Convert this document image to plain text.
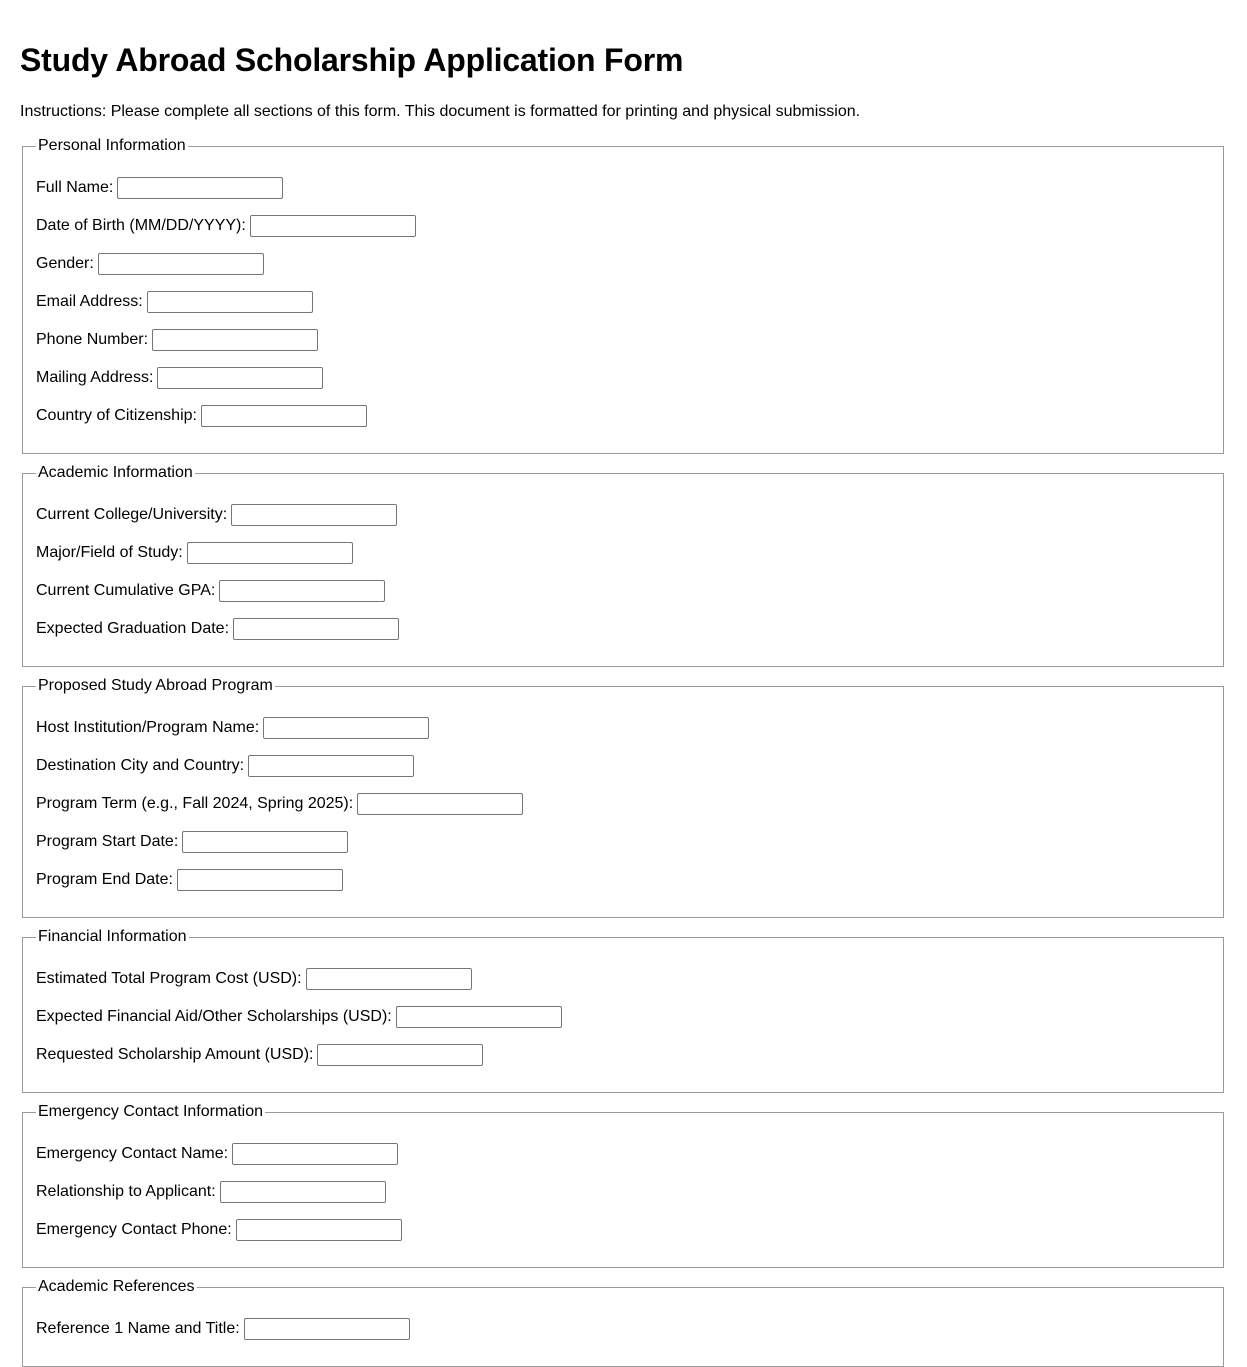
Study Abroad Scholarship Application Form
Instructions: Please complete all sections of this form. This document is formatted for printing and physical submission.
Personal Information
Full Name:
Date of Birth (MM/DD/YYYY):
Gender:
Email Address:
Phone Number:
Mailing Address:
Country of Citizenship:
Academic Information
Current College/University:
Major/Field of Study:
Current Cumulative GPA:
Expected Graduation Date:
Proposed Study Abroad Program
Host Institution/Program Name:
Destination City and Country:
Program Term (e.g., Fall 2024, Spring 2025):
Program Start Date:
Program End Date:
Financial Information
Estimated Total Program Cost (USD):
Expected Financial Aid/Other Scholarships (USD):
Requested Scholarship Amount (USD):
Emergency Contact Information
Emergency Contact Name:
Relationship to Applicant:
Emergency Contact Phone:
Academic References
Reference 1 Name and Title:
